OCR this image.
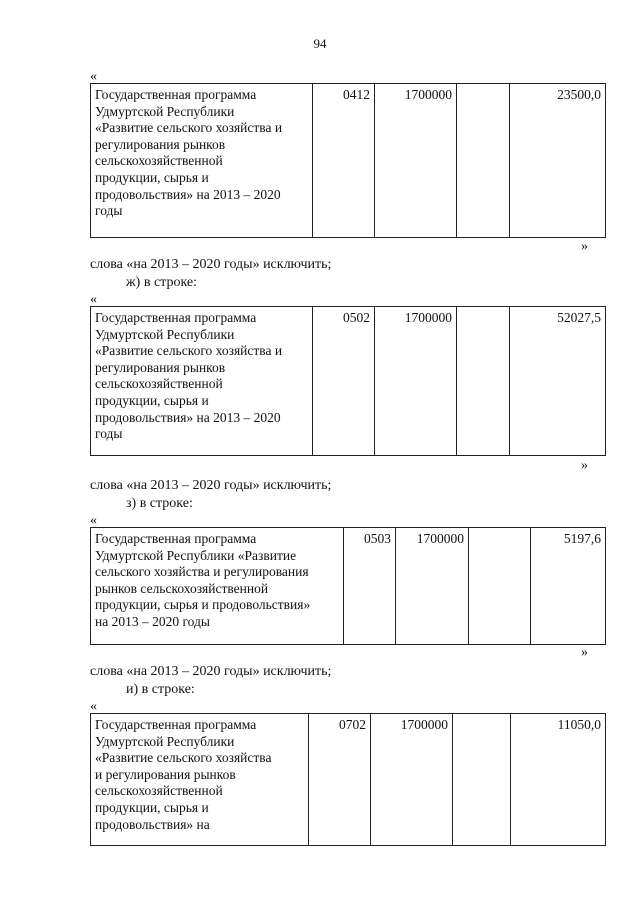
94
«
Государственная программа
Удмуртской Республики
«Развитие сельского хозяйства и
регулирования рынков
сельскохозяйственной
продукции, сырья и
продовольствия» на 2013 – 2020
годы	0412	1700000		23500,0
»
слова «на 2013 – 2020 годы» исключить;
ж) в строке:
«
Государственная программа
Удмуртской Республики
«Развитие сельского хозяйства и
регулирования рынков
сельскохозяйственной
продукции, сырья и
продовольствия» на 2013 – 2020
годы	0502	1700000		52027,5
»
слова «на 2013 – 2020 годы» исключить;
з) в строке:
«
Государственная программа
Удмуртской Республики «Развитие
сельского хозяйства и регулирования
рынков сельскохозяйственной
продукции, сырья и продовольствия»
на 2013 – 2020 годы	0503	1700000		5197,6
»
слова «на 2013 – 2020 годы» исключить;
и) в строке:
«
Государственная программа
Удмуртской Республики
«Развитие сельского хозяйства
и регулирования рынков
сельскохозяйственной
продукции, сырья и
продовольствия» на	0702	1700000		11050,0
